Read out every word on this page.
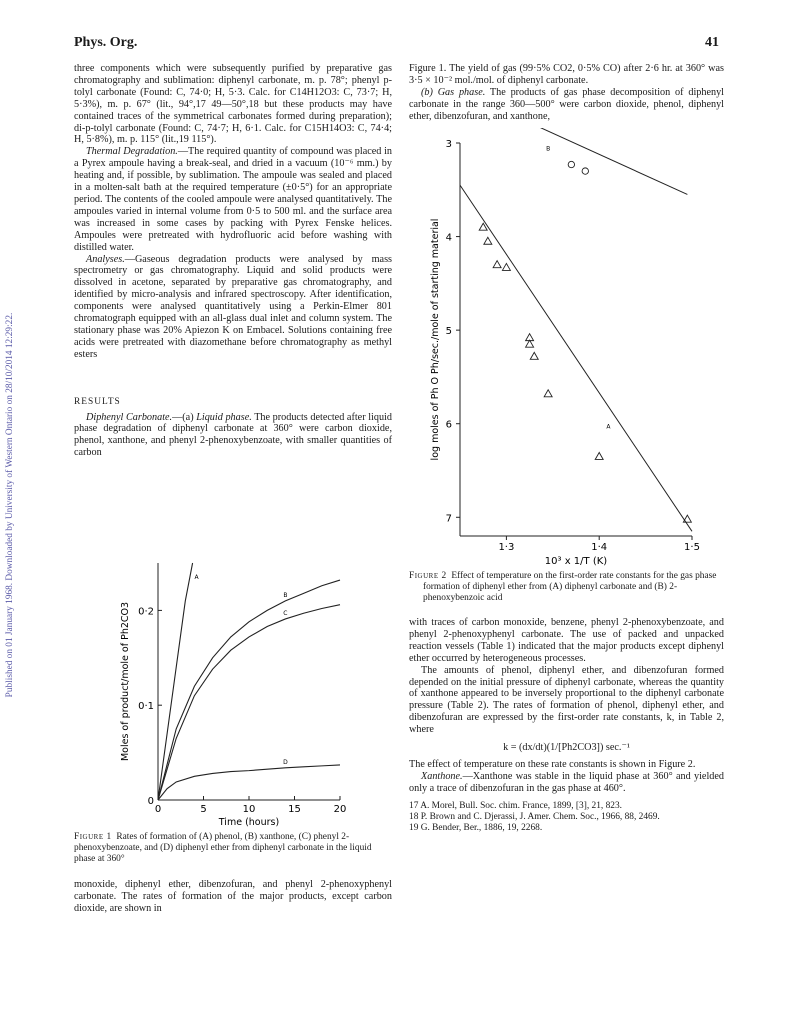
Phys. Org.	41
Published on 01 January 1968. Downloaded by University of Western Ontario on 28/10/2014 12:29:22.

three components which were subsequently purified by preparative gas chromatography and sublimation: diphenyl carbonate, m. p. 78°; phenyl p-tolyl carbonate (Found: C, 74·0; H, 5·3. Calc. for C14H12O3: C, 73·7; H, 5·3%), m. p. 67° (lit., 94°,17 49—50°,18 but these products may have contained traces of the symmetrical carbonates formed during preparation); di-p-tolyl carbonate (Found: C, 74·7; H, 6·1. Calc. for C15H14O3: C, 74·4; H, 5·8%), m. p. 115° (lit.,19 115°).

Thermal Degradation.—The required quantity of compound was placed in a Pyrex ampoule having a break-seal, and dried in a vacuum (10⁻⁶ mm.) by heating and, if possible, by sublimation. The ampoule was sealed and placed in a molten-salt bath at the required temperature (±0·5°) for an appropriate period. The contents of the cooled ampoule were analysed quantitatively. The ampoules varied in internal volume from 0·5 to 500 ml. and the surface area was increased in some cases by packing with Pyrex Fenske helices. Ampoules were pretreated with hydrofluoric acid before washing with distilled water.

Analyses.—Gaseous degradation products were analysed by mass spectrometry or gas chromatography. Liquid and solid products were dissolved in acetone, separated by preparative gas chromatography, and identified by micro-analysis and infrared spectroscopy. After identification, components were analysed quantitatively using a Perkin-Elmer 801 chromatograph equipped with an all-glass dual inlet and column system. The stationary phase was 20% Apiezon K on Embacel. Solutions containing free acids were pretreated with diazomethane before chromatography as methyl esters

RESULTS

Diphenyl Carbonate.—(a) Liquid phase. The products detected after liquid phase degradation of diphenyl carbonate at 360° were carbon dioxide, phenol, xanthone, and phenyl 2-phenoxybenzoate, with smaller quantities of carbon

0	5	10	15	20
0
0·1
0·2
Time (hours)
Moles of product/mole of Ph2CO3
A
B
C
D

Figure 1 Rates of formation of (A) phenol, (B) xanthone, (C) phenyl 2-phenoxybenzoate, and (D) diphenyl ether from diphenyl carbonate in the liquid phase at 360°

monoxide, diphenyl ether, dibenzofuran, and phenyl 2-phenoxyphenyl carbonate. The rates of formation of the major products, except carbon dioxide, are shown in

Figure 1. The yield of gas (99·5% CO2, 0·5% CO) after 2·6 hr. at 360° was 3·5 × 10⁻² mol./mol. of diphenyl carbonate.

(b) Gas phase. The products of gas phase decomposition of diphenyl carbonate in the range 360—500° were carbon dioxide, phenol, diphenyl ether, dibenzofuran, and xanthone,

1·3	1·4	1·5
3
4
5
6
7
10³ x 1/T (K)
log moles of Ph O Ph/sec./mole of starting material	A
B

Figure 2 Effect of temperature on the first-order rate constants for the gas phase formation of diphenyl ether from (A) diphenyl carbonate and (B) 2-phenoxybenzoic acid

with traces of carbon monoxide, benzene, phenyl 2-phenoxybenzoate, and phenyl 2-phenoxyphenyl carbonate. The use of packed and unpacked reaction vessels (Table 1) indicated that the major products except diphenyl ether occurred by heterogeneous processes.

The amounts of phenol, diphenyl ether, and dibenzofuran formed depended on the initial pressure of diphenyl carbonate, whereas the quantity of xanthone appeared to be inversely proportional to the diphenyl carbonate pressure (Table 2). The rates of formation of phenol, diphenyl ether, and dibenzofuran are expressed by the first-order rate constants, k, in Table 2, where

k = (dx/dt)(1/[Ph2CO3]) sec.⁻¹

The effect of temperature on these rate constants is shown in Figure 2.

Xanthone.—Xanthone was stable in the liquid phase at 360° and yielded only a trace of dibenzofuran in the gas phase at 460°.

17 A. Morel, Bull. Soc. chim. France, 1899, [3], 21, 823.

18 P. Brown and C. Djerassi, J. Amer. Chem. Soc., 1966, 88, 2469.

19 G. Bender, Ber., 1886, 19, 2268.
